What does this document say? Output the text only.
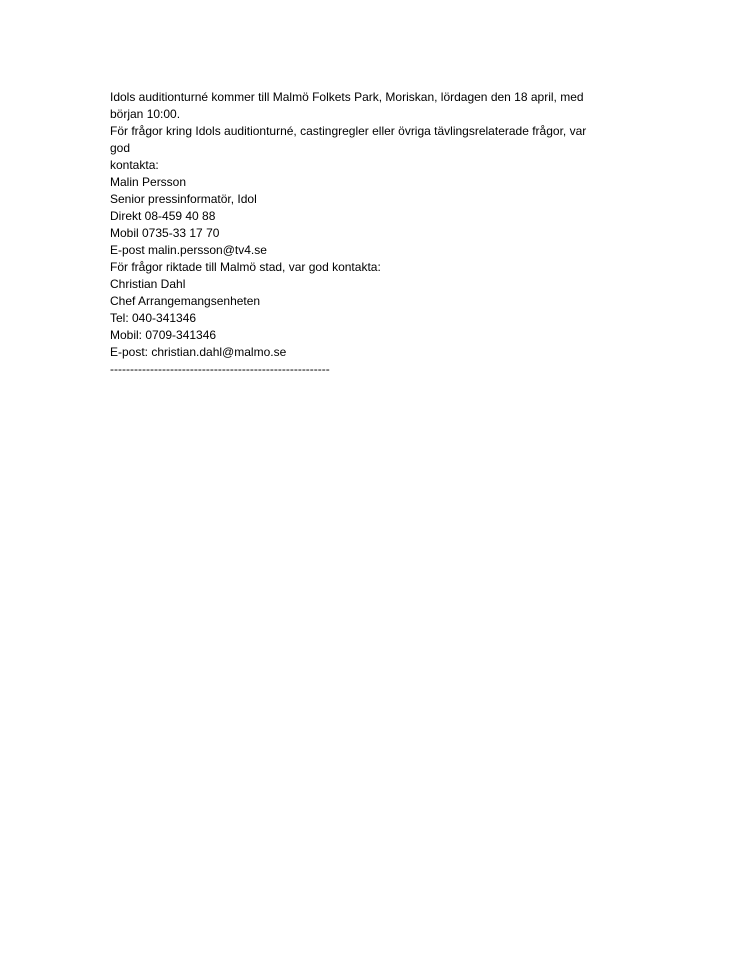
Idols auditionturné kommer till Malmö Folkets Park, Moriskan, lördagen den 18 april, med
början 10:00.
För frågor kring Idols auditionturné, castingregler eller övriga tävlingsrelaterade frågor, var
god
kontakta:
Malin Persson
Senior pressinformatör, Idol
Direkt 08-459 40 88
Mobil 0735-33 17 70
E-post malin.persson@tv4.se
För frågor riktade till Malmö stad, var god kontakta:
Christian Dahl
Chef Arrangemangsenheten
Tel: 040-341346
Mobil: 0709-341346
E-post: christian.dahl@malmo.se
-------------------------------------------------------
